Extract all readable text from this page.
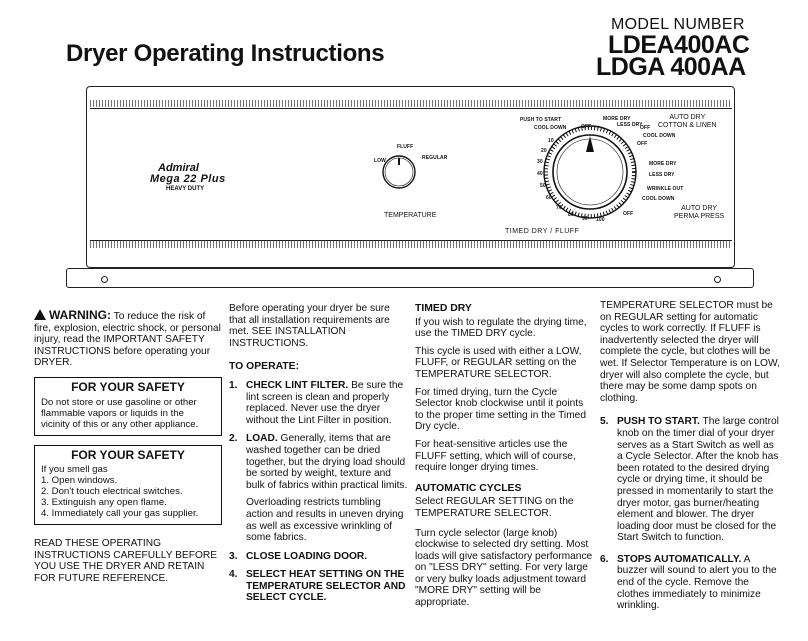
Dryer Operating Instructions
MODEL NUMBER
LDEA400AC
LDGA 400AA
Admiral
Mega 22 Plus
HEAVY DUTY
LOW
FLUFF
REGULAR
TEMPERATURE
PUSH TO START
COOL DOWN	OFF
MORE DRY
LESS DRY
OFF
AUTO DRY
COTTON & LINEN
COOL DOWN
OFF
MORE DRY
LESS DRY
WRINKLE OUT
COOL DOWN
OFF
AUTO DRY
PERMA PRESS
TIMED DRY / FLUFF
10
20
30
40
50
60
70
80
90 100

WARNING: To reduce the risk of fire, explosion, electric shock, or personal injury, read the IMPORTANT SAFETY INSTRUCTIONS before operating your DRYER.

FOR YOUR SAFETY
Do not store or use gasoline or other flammable vapors or liquids in the vicinity of this or any other appliance.
FOR YOUR SAFETY
If you smell gas
1. Open windows.
2. Don't touch electrical switches.
3. Extinguish any open flame.
4. Immediately call your gas supplier.

READ THESE OPERATING INSTRUCTIONS CAREFULLY BEFORE YOU USE THE DRYER AND RETAIN FOR FUTURE REFERENCE.

Before operating your dryer be sure that all installation requirements are met. SEE INSTALLATION INSTRUCTIONS.

TO OPERATE:

1. CHECK LINT FILTER. Be sure the lint screen is clean and properly replaced. Never use the dryer without the Lint Filter in position.
2. LOAD. Generally, items that are washed together can be dried together, but the drying load should be sorted by weight, texture and bulk of fabrics within practical limits.
Overloading restricts tumbling action and results in uneven drying as well as excessive wrinkling of some fabrics.
3. CLOSE LOADING DOOR.
4. SELECT HEAT SETTING ON THE TEMPERATURE SELECTOR AND SELECT CYCLE.

TIMED DRY

If you wish to regulate the drying time, use the TIMED DRY cycle.

This cycle is used with either a LOW, FLUFF, or REGULAR setting on the TEMPERATURE SELECTOR.

For timed drying, turn the Cycle Selector knob clockwise until it points to the proper time setting in the Timed Dry cycle.

For heat-sensitive articles use the FLUFF setting, which will of course, require longer drying times.

AUTOMATIC CYCLES

Select REGULAR SETTING on the TEMPERATURE SELECTOR.

Turn cycle selector (large knob) clockwise to selected dry setting. Most loads will give satisfactory performance on "LESS DRY" setting. For very large or very bulky loads adjustment toward "MORE DRY" setting will be appropriate.

TEMPERATURE SELECTOR must be on REGULAR setting for automatic cycles to work correctly. If FLUFF is inadvertently selected the dryer will complete the cycle, but clothes will be wet. If Selector Temperature is on LOW, dryer will also complete the cycle, but there may be some damp spots on clothing.

5. PUSH TO START. The large control knob on the timer dial of your dryer serves as a Start Switch as well as a Cycle Selector. After the knob has been rotated to the desired drying cycle or drying time, it should be pressed in momentarily to start the dryer motor, gas burner/heating element and blower. The dryer loading door must be closed for the Start Switch to function.
6. STOPS AUTOMATICALLY. A buzzer will sound to alert you to the end of the cycle. Remove the clothes immediately to minimize wrinkling.
